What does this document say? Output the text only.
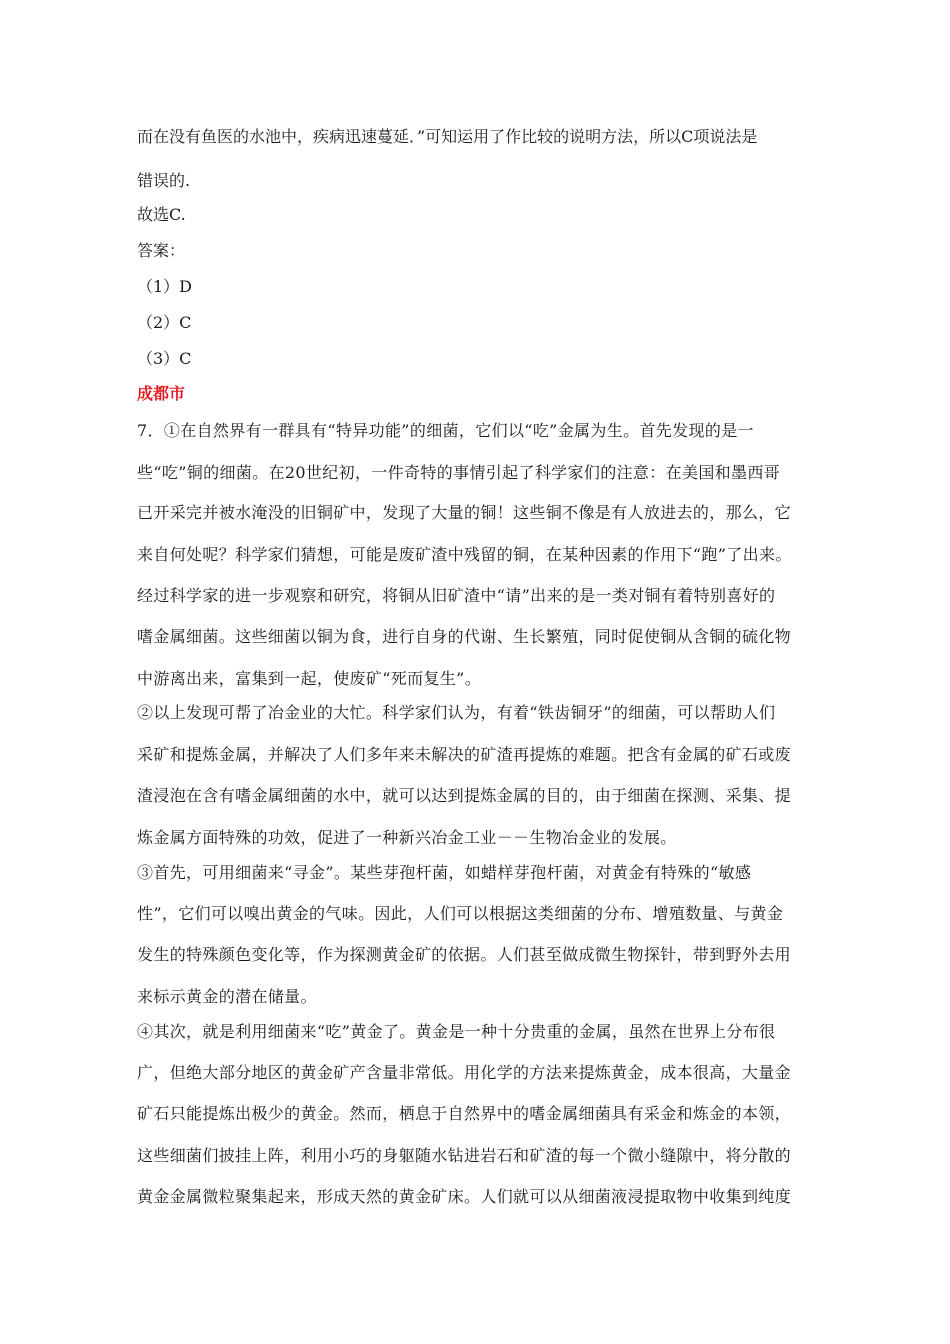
而在没有鱼医的水池中，疾病迅速蔓延．”可知运用了作比较的说明方法，所以C项说法是
错误的.
故选C.
答案：
（1）D
（2）C
（3）C
成都市
7．①在自然界有一群具有“特异功能”的细菌，它们以“吃”金属为生。首先发现的是一
些“吃”铜的细菌。在20世纪初，一件奇特的事情引起了科学家们的注意：在美国和墨西哥
已开采完并被水淹没的旧铜矿中，发现了大量的铜！这些铜不像是有人放进去的，那么，它
来自何处呢？科学家们猜想，可能是废矿渣中残留的铜，在某种因素的作用下“跑”了出来。
经过科学家的进一步观察和研究，将铜从旧矿渣中“请”出来的是一类对铜有着特别喜好的
嗜金属细菌。这些细菌以铜为食，进行自身的代谢、生长繁殖，同时促使铜从含铜的硫化物
中游离出来，富集到一起，使废矿“死而复生”。
②以上发现可帮了冶金业的大忙。科学家们认为，有着“铁齿铜牙”的细菌，可以帮助人们
采矿和提炼金属，并解决了人们多年来未解决的矿渣再提炼的难题。把含有金属的矿石或废
渣浸泡在含有嗜金属细菌的水中，就可以达到提炼金属的目的，由于细菌在探测、采集、提
炼金属方面特殊的功效，促进了一种新兴冶金工业－－生物冶金业的发展。
③首先，可用细菌来“寻金”。某些芽孢杆菌，如蜡样芽孢杆菌，对黄金有特殊的“敏感
性”，它们可以嗅出黄金的气味。因此，人们可以根据这类细菌的分布、增殖数量、与黄金
发生的特殊颜色变化等，作为探测黄金矿的依据。人们甚至做成微生物探针，带到野外去用
来标示黄金的潜在储量。
④其次，就是利用细菌来“吃”黄金了。黄金是一种十分贵重的金属，虽然在世界上分布很
广，但绝大部分地区的黄金矿产含量非常低。用化学的方法来提炼黄金，成本很高，大量金
矿石只能提炼出极少的黄金。然而，栖息于自然界中的嗜金属细菌具有采金和炼金的本领，
这些细菌们披挂上阵，利用小巧的身躯随水钻进岩石和矿渣的每一个微小缝隙中，将分散的
黄金金属微粒聚集起来，形成天然的黄金矿床。人们就可以从细菌液浸提取物中收集到纯度
